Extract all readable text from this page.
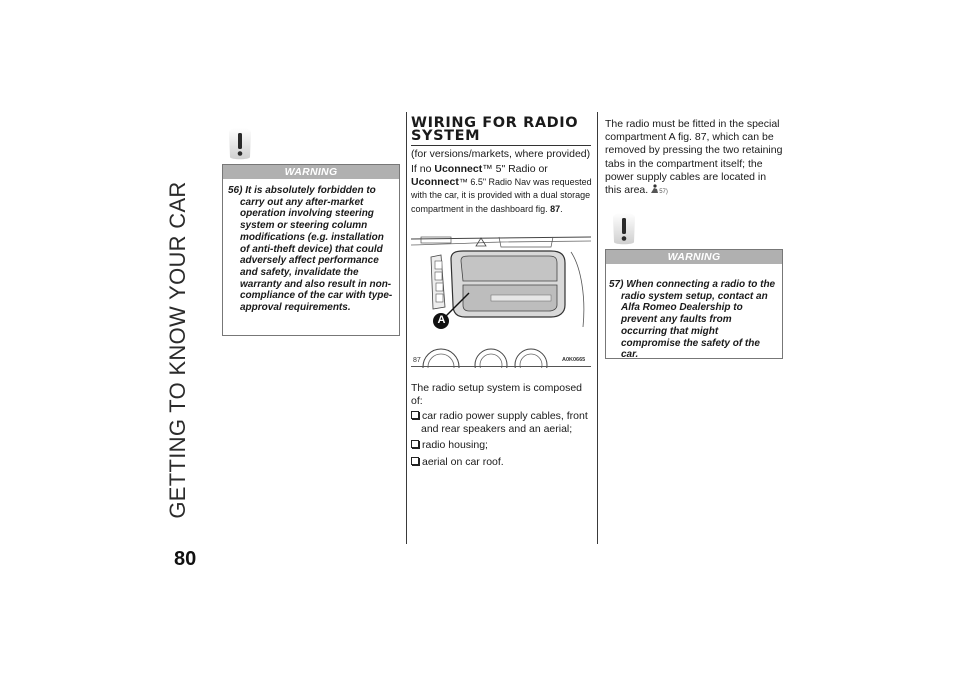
GETTING TO KNOW YOUR CAR
80
WARNING
56) It is absolutely forbidden to carry out any after-market operation involving steering system or steering column modifications (e.g. installation of anti-theft device) that could adversely affect performance and safety, invalidate the warranty and also result in non-compliance of the car with type-approval requirements.
WIRING FOR RADIO SYSTEM
(for versions/markets, where provided)
If no Uconnect™ 5" Radio or
Uconnect™ 6.5" Radio Nav was requested with the car, it is provided with a dual storage compartment in the dashboard fig. 87.
A
87	A0K0665
The radio setup system is composed of:
car radio power supply cables, front and rear speakers and an aerial;
radio housing;
aerial on car roof.
The radio must be fitted in the special compartment A fig. 87, which can be removed by pressing the two retaining tabs in the compartment itself; the power supply cables are located in this area. 57)
WARNING
57) When connecting a radio to the radio system setup, contact an Alfa Romeo Dealership to prevent any faults from occurring that might compromise the safety of the car.
